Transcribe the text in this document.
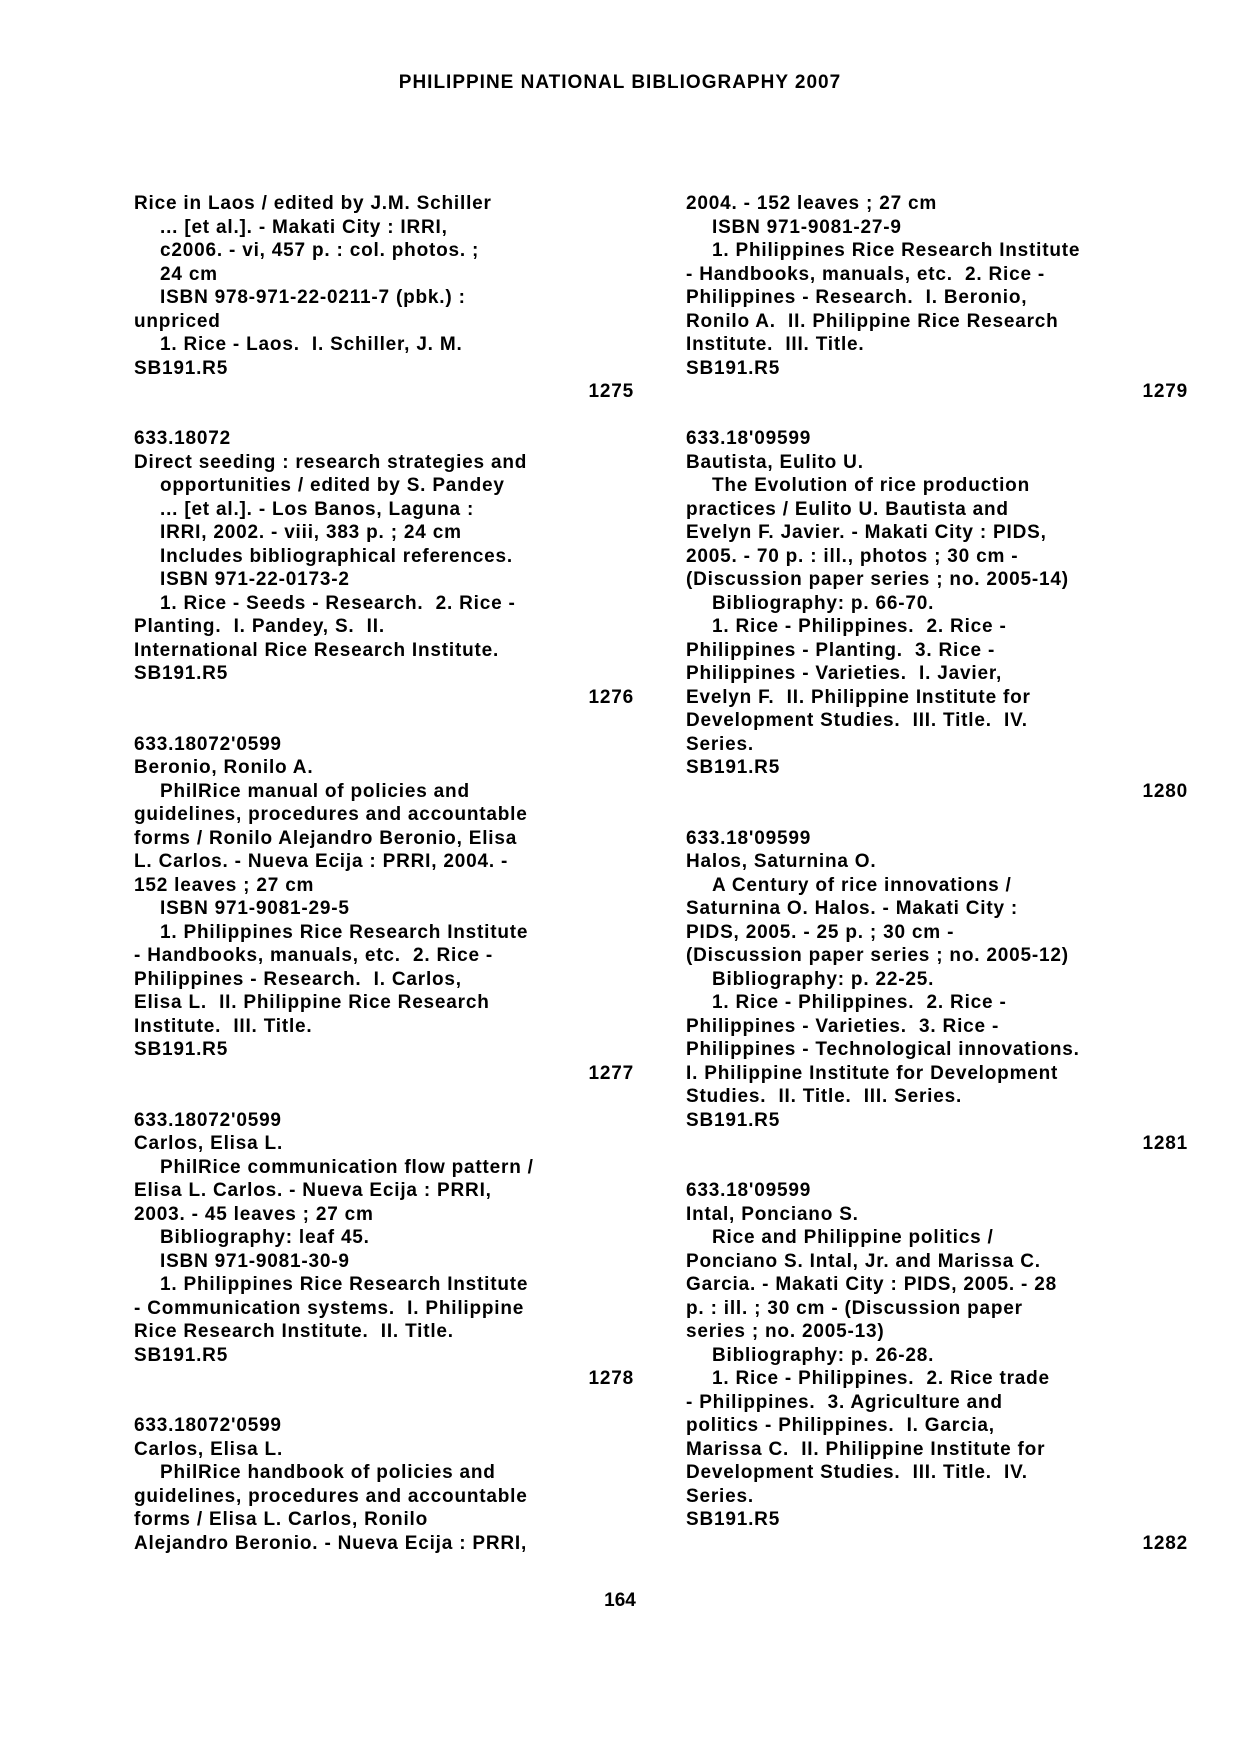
PHILIPPINE NATIONAL BIBLIOGRAPHY 2007
Rice in Laos / edited by J.M. Schiller
... [et al.]. - Makati City : IRRI,
c2006. - vi, 457 p. : col. photos. ;
24 cm
ISBN 978-971-22-0211-7 (pbk.) :
unpriced
1. Rice - Laos.  I. Schiller, J. M.
SB191.R5
1275
633.18072
Direct seeding : research strategies and
opportunities / edited by S. Pandey
... [et al.]. - Los Banos, Laguna :
IRRI, 2002. - viii, 383 p. ; 24 cm
Includes bibliographical references.
ISBN 971-22-0173-2
1. Rice - Seeds - Research.  2. Rice -
Planting.  I. Pandey, S.  II.
International Rice Research Institute.
SB191.R5
1276
633.18072'0599
Beronio, Ronilo A.
PhilRice manual of policies and
guidelines, procedures and accountable
forms / Ronilo Alejandro Beronio, Elisa
L. Carlos. - Nueva Ecija : PRRI, 2004. -
152 leaves ; 27 cm
ISBN 971-9081-29-5
1. Philippines Rice Research Institute
- Handbooks, manuals, etc.  2. Rice -
Philippines - Research.  I. Carlos,
Elisa L.  II. Philippine Rice Research
Institute.  III. Title.
SB191.R5
1277
633.18072'0599
Carlos, Elisa L.
PhilRice communication flow pattern /
Elisa L. Carlos. - Nueva Ecija : PRRI,
2003. - 45 leaves ; 27 cm
Bibliography: leaf 45.
ISBN 971-9081-30-9
1. Philippines Rice Research Institute
- Communication systems.  I. Philippine
Rice Research Institute.  II. Title.
SB191.R5
1278
633.18072'0599
Carlos, Elisa L.
PhilRice handbook of policies and
guidelines, procedures and accountable
forms / Elisa L. Carlos, Ronilo
Alejandro Beronio. - Nueva Ecija : PRRI,
2004. - 152 leaves ; 27 cm
ISBN 971-9081-27-9
1. Philippines Rice Research Institute
- Handbooks, manuals, etc.  2. Rice -
Philippines - Research.  I. Beronio,
Ronilo A.  II. Philippine Rice Research
Institute.  III. Title.
SB191.R5
1279
633.18'09599
Bautista, Eulito U.
The Evolution of rice production
practices / Eulito U. Bautista and
Evelyn F. Javier. - Makati City : PIDS,
2005. - 70 p. : ill., photos ; 30 cm -
(Discussion paper series ; no. 2005-14)
Bibliography: p. 66-70.
1. Rice - Philippines.  2. Rice -
Philippines - Planting.  3. Rice -
Philippines - Varieties.  I. Javier,
Evelyn F.  II. Philippine Institute for
Development Studies.  III. Title.  IV.
Series.
SB191.R5
1280
633.18'09599
Halos, Saturnina O.
A Century of rice innovations /
Saturnina O. Halos. - Makati City :
PIDS, 2005. - 25 p. ; 30 cm -
(Discussion paper series ; no. 2005-12)
Bibliography: p. 22-25.
1. Rice - Philippines.  2. Rice -
Philippines - Varieties.  3. Rice -
Philippines - Technological innovations.
I. Philippine Institute for Development
Studies.  II. Title.  III. Series.
SB191.R5
1281
633.18'09599
Intal, Ponciano S.
Rice and Philippine politics /
Ponciano S. Intal, Jr. and Marissa C.
Garcia. - Makati City : PIDS, 2005. - 28
p. : ill. ; 30 cm - (Discussion paper
series ; no. 2005-13)
Bibliography: p. 26-28.
1. Rice - Philippines.  2. Rice trade
- Philippines.  3. Agriculture and
politics - Philippines.  I. Garcia,
Marissa C.  II. Philippine Institute for
Development Studies.  III. Title.  IV.
Series.
SB191.R5
1282
164
